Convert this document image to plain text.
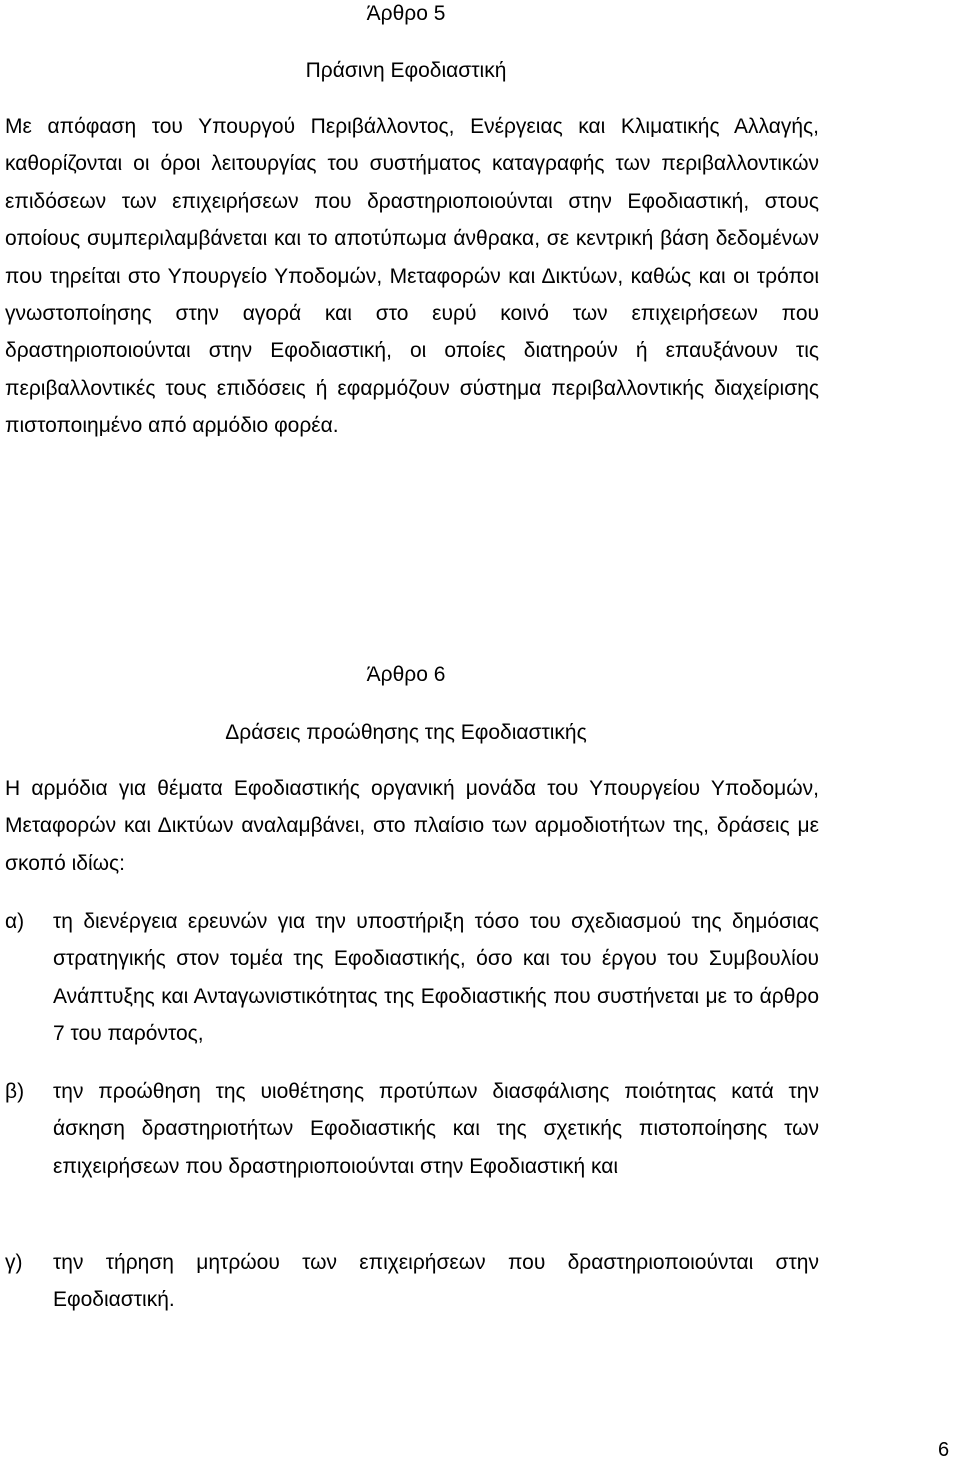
Άρθρο 5
Πράσινη Εφοδιαστική

Με απόφαση του Υπουργού Περιβάλλοντος, Ενέργειας και Κλιματικής Αλλαγής, καθορίζονται οι όροι λειτουργίας του συστήματος καταγραφής των περιβαλλοντικών επιδόσεων των επιχειρήσεων που δραστηριοποιούνται στην Εφοδιαστική, στους οποίους συμπεριλαμβάνεται και το αποτύπωμα άνθρακα, σε κεντρική βάση δεδομένων που τηρείται στο Υπουργείο Υποδομών, Μεταφορών και Δικτύων, καθώς και οι τρόποι γνωστοποίησης στην αγορά και στο ευρύ κοινό των επιχειρήσεων που δραστηριοποιούνται στην Εφοδιαστική, οι οποίες διατηρούν ή επαυξάνουν τις περιβαλλοντικές τους επιδόσεις ή εφαρμόζουν σύστημα περιβαλλοντικής διαχείρισης πιστοποιημένο από αρμόδιο φορέα.

Άρθρο 6
Δράσεις προώθησης της Εφοδιαστικής

Η αρμόδια για θέματα Εφοδιαστικής οργανική μονάδα του Υπουργείου Υποδομών, Μεταφορών και Δικτύων αναλαμβάνει, στο πλαίσιο των αρμοδιοτήτων της, δράσεις με σκοπό ιδίως:

α) τη διενέργεια ερευνών για την υποστήριξη τόσο του σχεδιασμού της δημόσιας στρατηγικής στον τομέα της Εφοδιαστικής, όσο και του έργου του Συμβουλίου Ανάπτυξης και Ανταγωνιστικότητας της Εφοδιαστικής που συστήνεται με το άρθρο 7 του παρόντος,

β) την προώθηση της υιοθέτησης προτύπων διασφάλισης ποιότητας κατά την άσκηση δραστηριοτήτων Εφοδιαστικής και της σχετικής πιστοποίησης των επιχειρήσεων που δραστηριοποιούνται στην Εφοδιαστική και

γ) την τήρηση μητρώου των επιχειρήσεων που δραστηριοποιούνται στην Εφοδιαστική.

6
